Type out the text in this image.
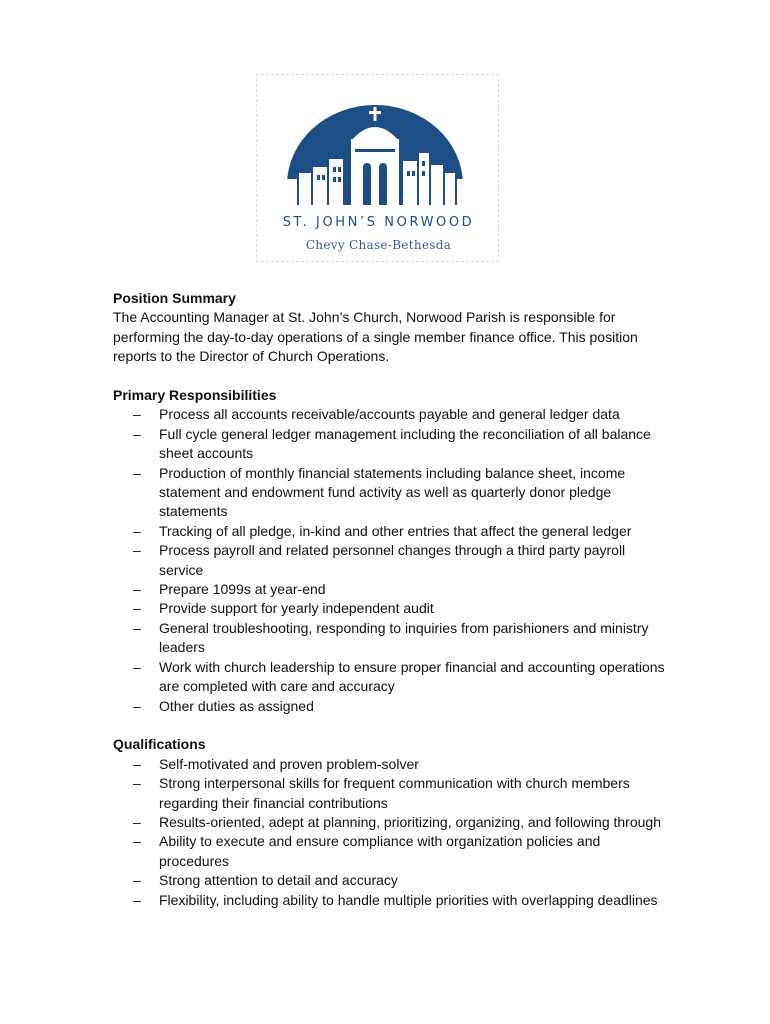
ST. JOHN’S NORWOOD
Chevy Chase-Bethesda

Position Summary

The Accounting Manager at St. John’s Church, Norwood Parish is responsible for performing the day-to-day operations of a single member finance office. This position reports to the Director of Church Operations.

Primary Responsibilities

– Process all accounts receivable/accounts payable and general ledger data
– Full cycle general ledger management including the reconciliation of all balance sheet accounts
– Production of monthly financial statements including balance sheet, income statement and endowment fund activity as well as quarterly donor pledge statements
– Tracking of all pledge, in-kind and other entries that affect the general ledger
– Process payroll and related personnel changes through a third party payroll service
– Prepare 1099s at year-end
– Provide support for yearly independent audit
– General troubleshooting, responding to inquiries from parishioners and ministry leaders
– Work with church leadership to ensure proper financial and accounting operations are completed with care and accuracy
– Other duties as assigned

Qualifications

– Self-motivated and proven problem-solver
– Strong interpersonal skills for frequent communication with church members regarding their financial contributions
– Results-oriented, adept at planning, prioritizing, organizing, and following through
– Ability to execute and ensure compliance with organization policies and procedures
– Strong attention to detail and accuracy
– Flexibility, including ability to handle multiple priorities with overlapping deadlines
